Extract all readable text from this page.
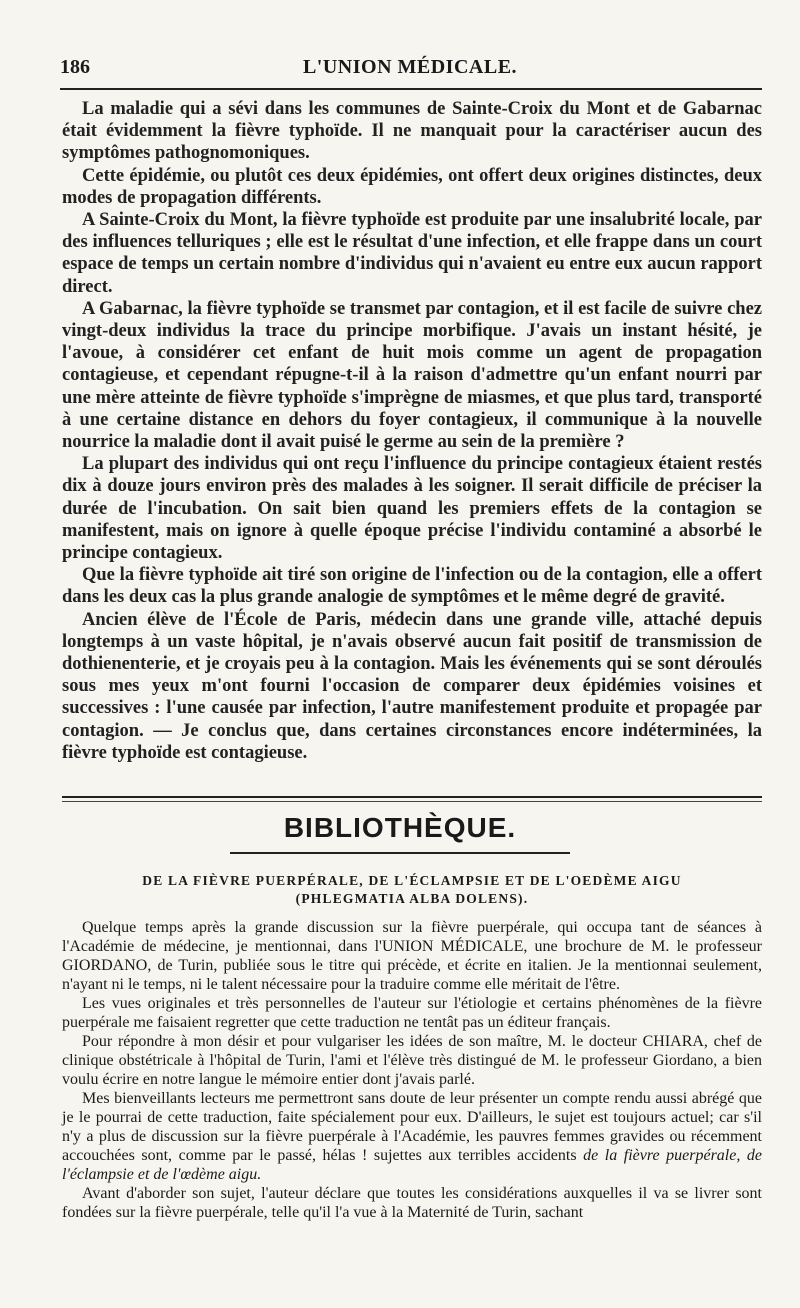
186	L'UNION MÉDICALE.

La maladie qui a sévi dans les communes de Sainte-Croix du Mont et de Gabarnac était évidemment la fièvre typhoïde. Il ne manquait pour la caractériser aucun des symptômes pathognomoniques.

Cette épidémie, ou plutôt ces deux épidémies, ont offert deux origines distinctes, deux modes de propagation différents.

A Sainte-Croix du Mont, la fièvre typhoïde est produite par une insalubrité locale, par des influences telluriques ; elle est le résultat d'une infection, et elle frappe dans un court espace de temps un certain nombre d'individus qui n'avaient eu entre eux aucun rapport direct.

A Gabarnac, la fièvre typhoïde se transmet par contagion, et il est facile de suivre chez vingt-deux individus la trace du principe morbifique. J'avais un instant hésité, je l'avoue, à considérer cet enfant de huit mois comme un agent de propagation contagieuse, et cependant répugne-t-il à la raison d'admettre qu'un enfant nourri par une mère atteinte de fièvre typhoïde s'imprègne de miasmes, et que plus tard, transporté à une certaine distance en dehors du foyer contagieux, il communique à la nouvelle nourrice la maladie dont il avait puisé le germe au sein de la première ?

La plupart des individus qui ont reçu l'influence du principe contagieux étaient restés dix à douze jours environ près des malades à les soigner. Il serait difficile de préciser la durée de l'incubation. On sait bien quand les premiers effets de la contagion se manifestent, mais on ignore à quelle époque précise l'individu contaminé a absorbé le principe contagieux.

Que la fièvre typhoïde ait tiré son origine de l'infection ou de la contagion, elle a offert dans les deux cas la plus grande analogie de symptômes et le même degré de gravité.

Ancien élève de l'École de Paris, médecin dans une grande ville, attaché depuis longtemps à un vaste hôpital, je n'avais observé aucun fait positif de transmission de dothienenterie, et je croyais peu à la contagion. Mais les événements qui se sont déroulés sous mes yeux m'ont fourni l'occasion de comparer deux épidémies voisines et successives : l'une causée par infection, l'autre manifestement produite et propagée par contagion. — Je conclus que, dans certaines circonstances encore indéterminées, la fièvre typhoïde est contagieuse.

BIBLIOTHÈQUE.
DE LA FIÈVRE PUERPÉRALE, DE L'ÉCLAMPSIE ET DE L'OEDÈME AIGU
(PHLEGMATIA ALBA DOLENS).

Quelque temps après la grande discussion sur la fièvre puerpérale, qui occupa tant de séances à l'Académie de médecine, je mentionnai, dans l'UNION MÉDICALE, une brochure de M. le professeur GIORDANO, de Turin, publiée sous le titre qui précède, et écrite en italien. Je la mentionnai seulement, n'ayant ni le temps, ni le talent nécessaire pour la traduire comme elle méritait de l'être.

Les vues originales et très personnelles de l'auteur sur l'étiologie et certains phénomènes de la fièvre puerpérale me faisaient regretter que cette traduction ne tentât pas un éditeur français.

Pour répondre à mon désir et pour vulgariser les idées de son maître, M. le docteur CHIARA, chef de clinique obstétricale à l'hôpital de Turin, l'ami et l'élève très distingué de M. le professeur Giordano, a bien voulu écrire en notre langue le mémoire entier dont j'avais parlé.

Mes bienveillants lecteurs me permettront sans doute de leur présenter un compte rendu aussi abrégé que je le pourrai de cette traduction, faite spécialement pour eux. D'ailleurs, le sujet est toujours actuel; car s'il n'y a plus de discussion sur la fièvre puerpérale à l'Académie, les pauvres femmes gravides ou récemment accouchées sont, comme par le passé, hélas ! sujettes aux terribles accidents de la fièvre puerpérale, de l'éclampsie et de l'œdème aigu.

Avant d'aborder son sujet, l'auteur déclare que toutes les considérations auxquelles il va se livrer sont fondées sur la fièvre puerpérale, telle qu'il l'a vue à la Maternité de Turin, sachant
